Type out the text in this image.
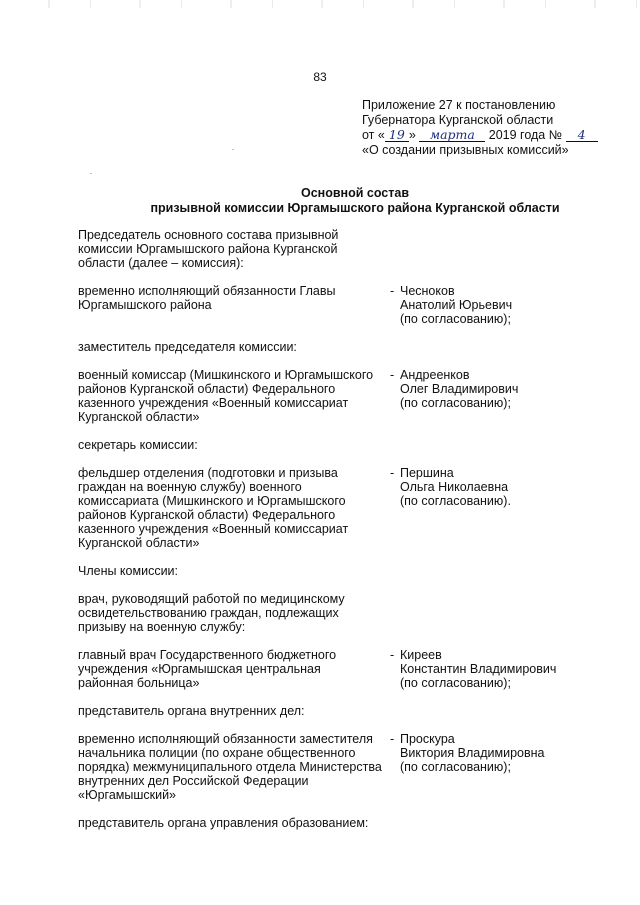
83
Приложение 27 к постановлению
Губернатора Курганской области
от « 19 » марта 2019 года № 4
«О создании призывных комиссий»
Основной состав
призывной комиссии Юргамышского района Курганской области

Председатель основного состава призывной
комиссии Юргамышского района Курганской
области (далее – комиссия):

временно исполняющий обязанности Главы
Юргамышского района
- Чесноков
Анатолий Юрьевич
(по согласованию);

заместитель председателя комиссии:

военный комиссар (Мишкинского и Юргамышского
районов Курганской области) Федерального
казенного учреждения «Военный комиссариат
Курганской области»
- Андреенков
Олег Владимирович
(по согласованию);

секретарь комиссии:

фельдшер отделения (подготовки и призыва
граждан на военную службу) военного
комиссариата (Мишкинского и Юргамышского
районов Курганской области) Федерального
казенного учреждения «Военный комиссариат
Курганской области»
- Першина
Ольга Николаевна
(по согласованию).

Члены комиссии:

врач, руководящий работой по медицинскому
освидетельствованию граждан, подлежащих
призыву на военную службу:

главный врач Государственного бюджетного
учреждения «Юргамышская центральная
районная больница»
- Киреев
Константин Владимирович
(по согласованию);

представитель органа внутренних дел:

временно исполняющий обязанности заместителя
начальника полиции (по охране общественного
порядка) межмуниципального отдела Министерства
внутренних дел Российской Федерации
«Юргамышский»
- Проскура
Виктория Владимировна
(по согласованию);

представитель органа управления образованием:
